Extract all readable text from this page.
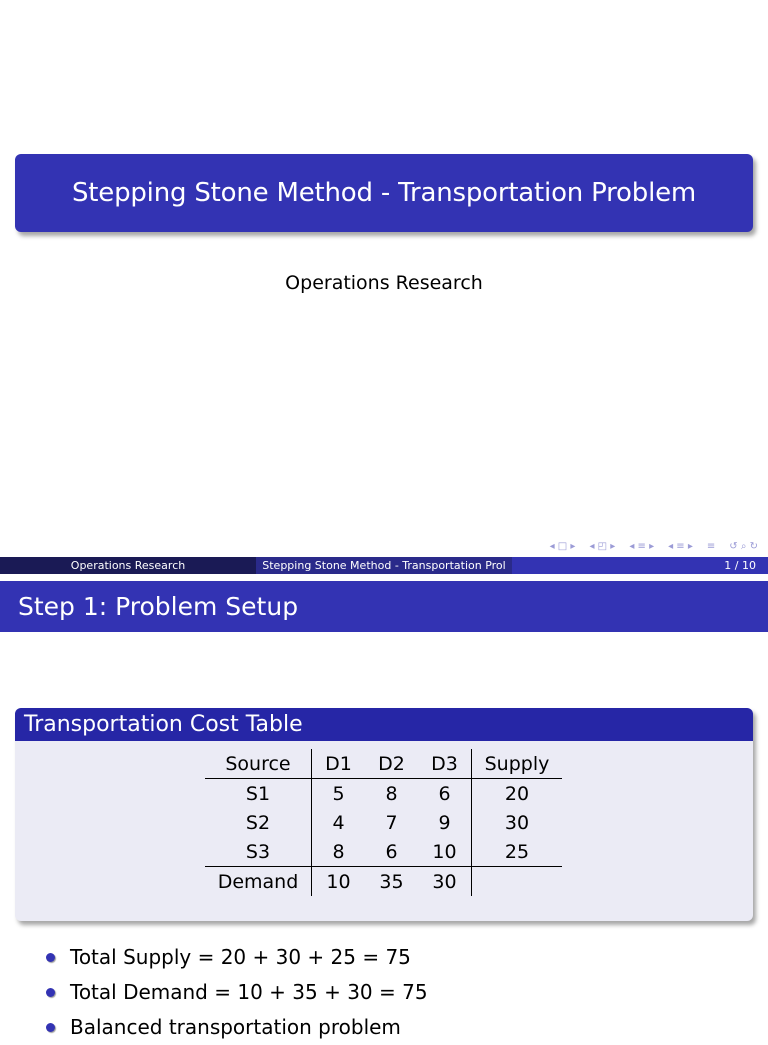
Stepping Stone Method - Transportation Problem
Operations Research
◂ □ ▸ ◂ ◰ ▸ ◂ ≡ ▸ ◂ ≡ ▸ ≡ ↺ ⌕ ↻
Operations Research	Stepping Stone Method - Transportation Prol	1 / 10
Step 1: Problem Setup
Transportation Cost Table
Source	D1	D2	D3	Supply
S1	5	8	6	20
S2	4	7	9	30
S3	8	6	10	25
Demand	10	35	30	
Total Supply = 20 + 30 + 25 = 75
Total Demand = 10 + 35 + 30 = 75
Balanced transportation problem
